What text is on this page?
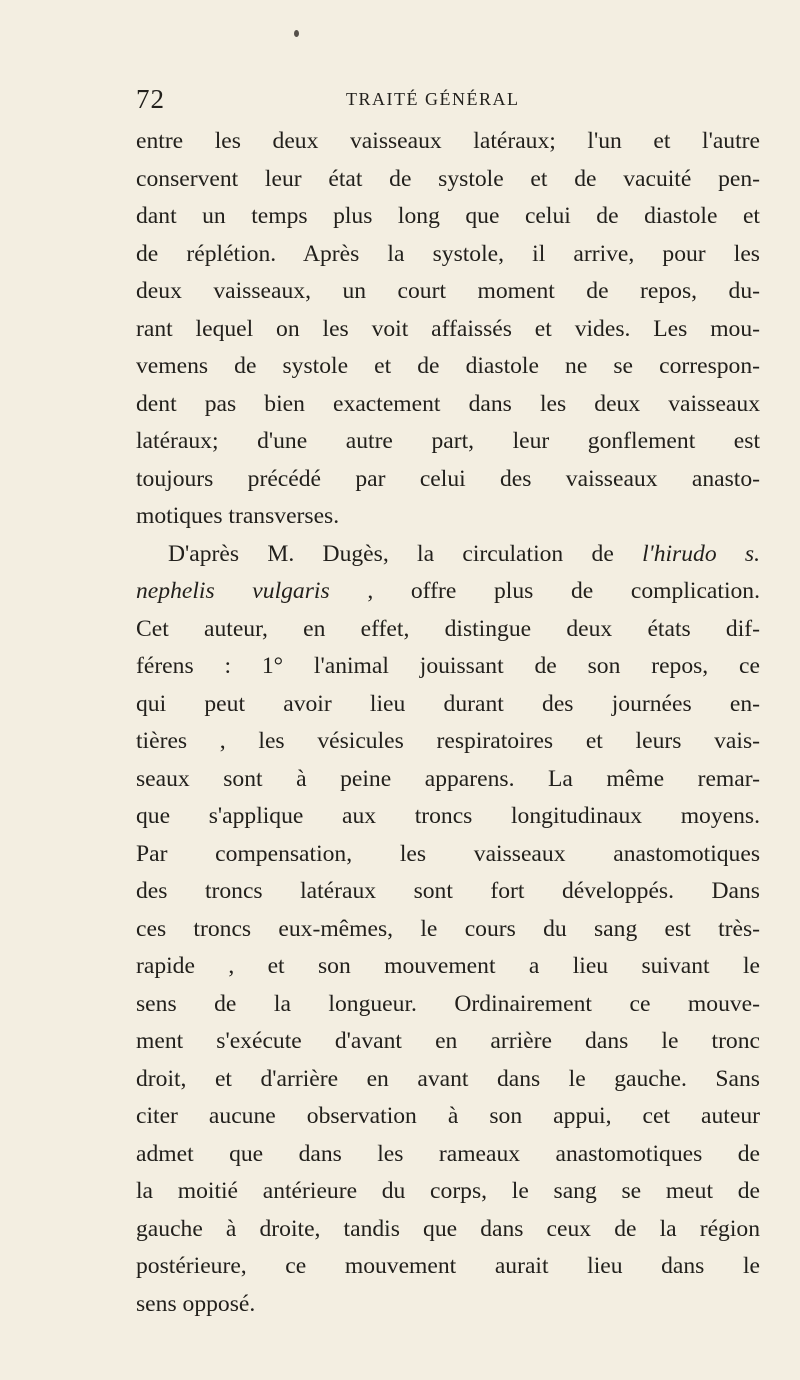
72	TRAITÉ GÉNÉRAL
entre les deux vaisseaux latéraux; l'un et l'autre
conservent leur état de systole et de vacuité pen-
dant un temps plus long que celui de diastole et
de réplétion. Après la systole, il arrive, pour les
deux vaisseaux, un court moment de repos, du-
rant lequel on les voit affaissés et vides. Les mou-
vemens de systole et de diastole ne se correspon-
dent pas bien exactement dans les deux vaisseaux
latéraux; d'une autre part, leur gonflement est
toujours précédé par celui des vaisseaux anasto-
motiques transverses.
D'après M. Dugès, la circulation de l'hirudo s.
nephelis vulgaris , offre plus de complication.
Cet auteur, en effet, distingue deux états dif-
férens : 1° l'animal jouissant de son repos, ce
qui peut avoir lieu durant des journées en-
tières , les vésicules respiratoires et leurs vais-
seaux sont à peine apparens. La même remar-
que s'applique aux troncs longitudinaux moyens.
Par compensation, les vaisseaux anastomotiques
des troncs latéraux sont fort développés. Dans
ces troncs eux-mêmes, le cours du sang est très-
rapide , et son mouvement a lieu suivant le
sens de la longueur. Ordinairement ce mouve-
ment s'exécute d'avant en arrière dans le tronc
droit, et d'arrière en avant dans le gauche. Sans
citer aucune observation à son appui, cet auteur
admet que dans les rameaux anastomotiques de
la moitié antérieure du corps, le sang se meut de
gauche à droite, tandis que dans ceux de la région
postérieure, ce mouvement aurait lieu dans le
sens opposé.
